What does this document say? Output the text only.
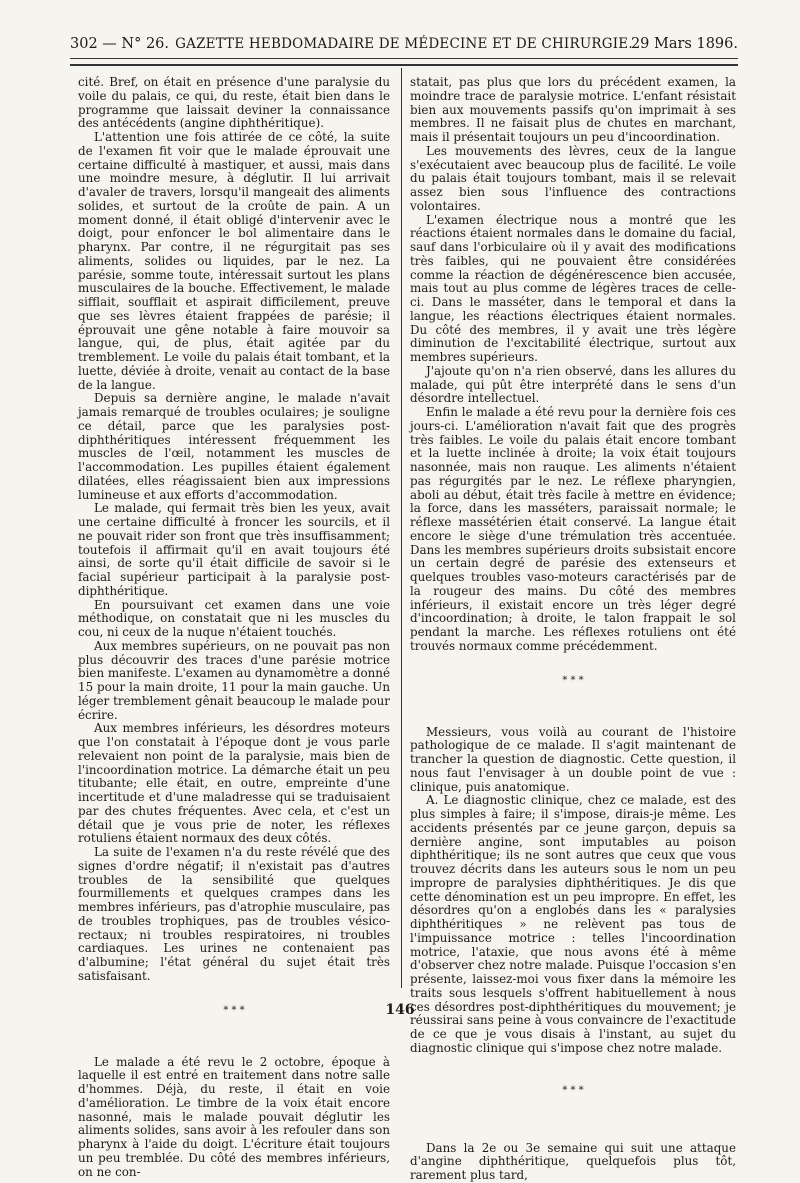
302 — N° 26. GAZETTE HEBDOMADAIRE DE MÉDECINE ET DE CHIRURGIE.
29 Mars 1896.

cité. Bref, on était en présence d'une paralysie du voile du palais, ce qui, du reste, était bien dans le programme que laissait deviner la connaissance des antécédents (angine diphthéritique).

L'attention une fois attirée de ce côté, la suite de l'examen fit voir que le malade éprouvait une certaine difficulté à mastiquer, et aussi, mais dans une moindre mesure, à déglutir. Il lui arrivait d'avaler de travers, lorsqu'il mangeait des aliments solides, et surtout de la croûte de pain. A un moment donné, il était obligé d'intervenir avec le doigt, pour enfoncer le bol alimentaire dans le pharynx. Par contre, il ne régurgitait pas ses aliments, solides ou liquides, par le nez. La parésie, somme toute, intéressait surtout les plans musculaires de la bouche. Effectivement, le malade sifflait, soufflait et aspirait difficilement, preuve que ses lèvres étaient frappées de parésie; il éprouvait une gêne notable à faire mouvoir sa langue, qui, de plus, était agitée par du tremblement. Le voile du palais était tombant, et la luette, déviée à droite, venait au contact de la base de la langue.

Depuis sa dernière angine, le malade n'avait jamais remarqué de troubles oculaires; je souligne ce détail, parce que les paralysies post-diphthéritiques intéressent fréquemment les muscles de l'œil, notamment les muscles de l'accommodation. Les pupilles étaient également dilatées, elles réagissaient bien aux impressions lumineuse et aux efforts d'accommodation.

Le malade, qui fermait très bien les yeux, avait une certaine difficulté à froncer les sourcils, et il ne pouvait rider son front que très insuffisamment; toutefois il affirmait qu'il en avait toujours été ainsi, de sorte qu'il était difficile de savoir si le facial supérieur participait à la paralysie post-diphthéritique.

En poursuivant cet examen dans une voie méthodique, on constatait que ni les muscles du cou, ni ceux de la nuque n'étaient touchés.

Aux membres supérieurs, on ne pouvait pas non plus découvrir des traces d'une parésie motrice bien manifeste. L'examen au dynamomètre a donné 15 pour la main droite, 11 pour la main gauche. Un léger tremblement gênait beaucoup le malade pour écrire.

Aux membres inférieurs, les désordres moteurs que l'on constatait à l'époque dont je vous parle relevaient non point de la paralysie, mais bien de l'incoordination motrice. La démarche était un peu titubante; elle était, en outre, empreinte d'une incertitude et d'une maladresse qui se traduisaient par des chutes fréquentes. Avec cela, et c'est un détail que je vous prie de noter, les réflexes rotuliens étaient normaux des deux côtés.

La suite de l'examen n'a du reste révélé que des signes d'ordre négatif; il n'existait pas d'autres troubles de la sensibilité que quelques fourmillements et quelques crampes dans les membres inférieurs, pas d'atrophie musculaire, pas de troubles trophiques, pas de troubles vésico-rectaux; ni troubles respiratoires, ni troubles cardiaques. Les urines ne contenaient pas d'albumine; l'état général du sujet était très satisfaisant.

* * *

Le malade a été revu le 2 octobre, époque à laquelle il est entré en traitement dans notre salle d'hommes. Déjà, du reste, il était en voie d'amélioration. Le timbre de la voix était encore nasonné, mais le malade pouvait déglutir les aliments solides, sans avoir à les refouler dans son pharynx à l'aide du doigt. L'écriture était toujours un peu tremblée. Du côté des membres inférieurs, on ne con-

statait, pas plus que lors du précédent examen, la moindre trace de paralysie motrice. L'enfant résistait bien aux mouvements passifs qu'on imprimait à ses membres. Il ne faisait plus de chutes en marchant, mais il présentait toujours un peu d'incoordination.

Les mouvements des lèvres, ceux de la langue s'exécutaient avec beaucoup plus de facilité. Le voile du palais était toujours tombant, mais il se relevait assez bien sous l'influence des contractions volontaires.

L'examen électrique nous a montré que les réactions étaient normales dans le domaine du facial, sauf dans l'orbiculaire où il y avait des modifications très faibles, qui ne pouvaient être considérées comme la réaction de dégénérescence bien accusée, mais tout au plus comme de légères traces de celle-ci. Dans le masséter, dans le temporal et dans la langue, les réactions électriques étaient normales. Du côté des membres, il y avait une très légère diminution de l'excitabilité électrique, surtout aux membres supérieurs.

J'ajoute qu'on n'a rien observé, dans les allures du malade, qui pût être interprété dans le sens d'un désordre intellectuel.

Enfin le malade a été revu pour la dernière fois ces jours-ci. L'amélioration n'avait fait que des progrès très faibles. Le voile du palais était encore tombant et la luette inclinée à droite; la voix était toujours nasonnée, mais non rauque. Les aliments n'étaient pas régurgités par le nez. Le réflexe pharyngien, aboli au début, était très facile à mettre en évidence; la force, dans les masséters, paraissait normale; le réflexe massétérien était conservé. La langue était encore le siège d'une trémulation très accentuée. Dans les membres supérieurs droits subsistait encore un certain degré de parésie des extenseurs et quelques troubles vaso-moteurs caractérisés par de la rougeur des mains. Du côté des membres inférieurs, il existait encore un très léger degré d'incoordination; à droite, le talon frappait le sol pendant la marche. Les réflexes rotuliens ont été trouvés normaux comme précédemment.

* * *

Messieurs, vous voilà au courant de l'histoire pathologique de ce malade. Il s'agit maintenant de trancher la question de diagnostic. Cette question, il nous faut l'envisager à un double point de vue : clinique, puis anatomique.

A. Le diagnostic clinique, chez ce malade, est des plus simples à faire; il s'impose, dirais-je même. Les accidents présentés par ce jeune garçon, depuis sa dernière angine, sont imputables au poison diphthéritique; ils ne sont autres que ceux que vous trouvez décrits dans les auteurs sous le nom un peu impropre de paralysies diphthéritiques. Je dis que cette dénomination est un peu impropre. En effet, les désordres qu'on a englobés dans les « paralysies diphthéritiques » ne relèvent pas tous de l'impuissance motrice : telles l'incoordination motrice, l'ataxie, que nous avons été à même d'observer chez notre malade. Puisque l'occasion s'en présente, laissez-moi vous fixer dans la mémoire les traits sous lesquels s'offrent habituellement à nous ces désordres post-diphthéritiques du mouvement; je réussirai sans peine à vous convaincre de l'exactitude de ce que je vous disais à l'instant, au sujet du diagnostic clinique qui s'impose chez notre malade.

* * *

Dans la 2e ou 3e semaine qui suit une attaque d'angine diphthéritique, quelquefois plus tôt, rarement plus tard,

146
